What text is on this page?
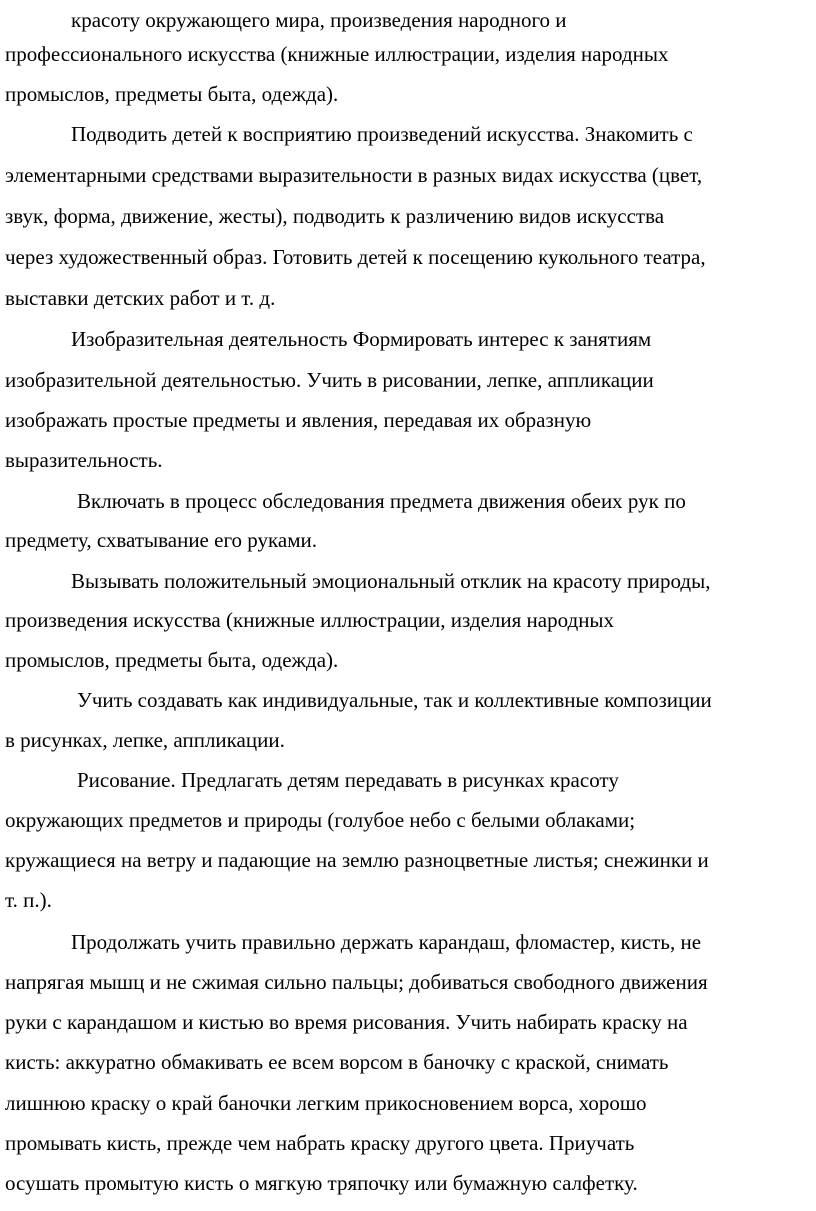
красоту окружающего мира, произведения народного и
профессионального искусства (книжные иллюстрации, изделия народных
промыслов, предметы быта, одежда).
Подводить детей к восприятию произведений искусства. Знакомить с
элементарными средствами выразительности в разных видах искусства (цвет,
звук, форма, движение, жесты), подводить к различению видов искусства
через художественный образ. Готовить детей к посещению кукольного театра,
выставки детских работ и т. д.
Изобразительная деятельность Формировать интерес к занятиям
изобразительной деятельностью. Учить в рисовании, лепке, аппликации
изображать простые предметы и явления, передавая их образную
выразительность.
Включать в процесс обследования предмета движения обеих рук по
предмету, схватывание его руками.
Вызывать положительный эмоциональный отклик на красоту природы,
произведения искусства (книжные иллюстрации, изделия народных
промыслов, предметы быта, одежда).
Учить создавать как индивидуальные, так и коллективные композиции
в рисунках, лепке, аппликации.
Рисование. Предлагать детям передавать в рисунках красоту
окружающих предметов и природы (голубое небо с белыми облаками;
кружащиеся на ветру и падающие на землю разноцветные листья; снежинки и
т. п.).
Продолжать учить правильно держать карандаш, фломастер, кисть, не
напрягая мышц и не сжимая сильно пальцы; добиваться свободного движения
руки с карандашом и кистью во время рисования. Учить набирать краску на
кисть: аккуратно обмакивать ее всем ворсом в баночку с краской, снимать
лишнюю краску о край баночки легким прикосновением ворса, хорошо
промывать кисть, прежде чем набрать краску другого цвета. Приучать
осушать промытую кисть о мягкую тряпочку или бумажную салфетку.
